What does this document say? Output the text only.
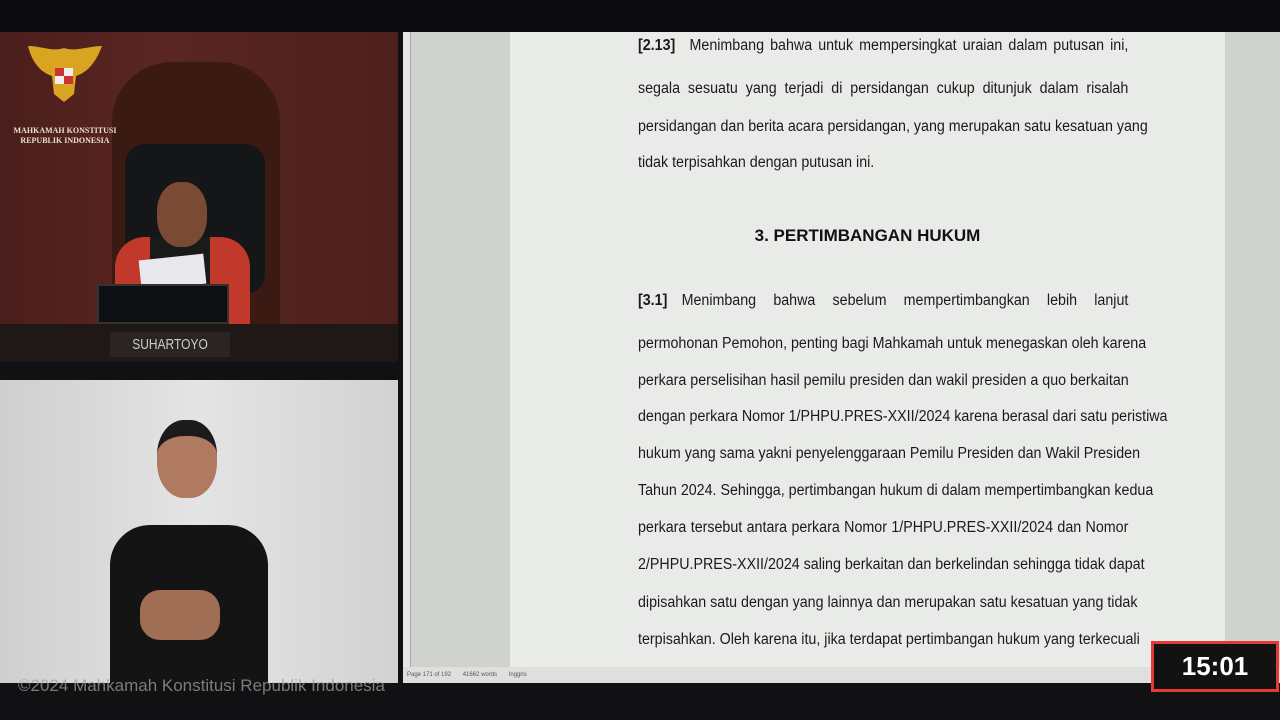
SUHARTOYO
MAHKAMAH KONSTITUSI
REPUBLIK INDONESIA
3. PERTIMBANGAN HUKUM
[2.13] Menimbang bahwa untuk mempersingkat uraian dalam putusan ini,
segala sesuatu yang terjadi di persidangan cukup ditunjuk dalam risalah
persidangan dan berita acara persidangan, yang merupakan satu kesatuan yang
tidak terpisahkan dengan putusan ini.
[3.1] Menimbang bahwa sebelum mempertimbangkan lebih lanjut
permohonan Pemohon, penting bagi Mahkamah untuk menegaskan oleh karena
perkara perselisihan hasil pemilu presiden dan wakil presiden a quo berkaitan
dengan perkara Nomor 1/PHPU.PRES-XXII/2024 karena berasal dari satu peristiwa
hukum yang sama yakni penyelenggaraan Pemilu Presiden dan Wakil Presiden
Tahun 2024. Sehingga, pertimbangan hukum di dalam mempertimbangkan kedua
perkara tersebut antara perkara Nomor 1/PHPU.PRES-XXII/2024 dan Nomor
2/PHPU.PRES-XXII/2024 saling berkaitan dan berkelindan sehingga tidak dapat
dipisahkan satu dengan yang lainnya dan merupakan satu kesatuan yang tidak
terpisahkan. Oleh karena itu, jika terdapat pertimbangan hukum yang terkecuali
Page 171 of 192 41662 words Inggris
©2024 Mahkamah Konstitusi Republik Indonesia
15:01
